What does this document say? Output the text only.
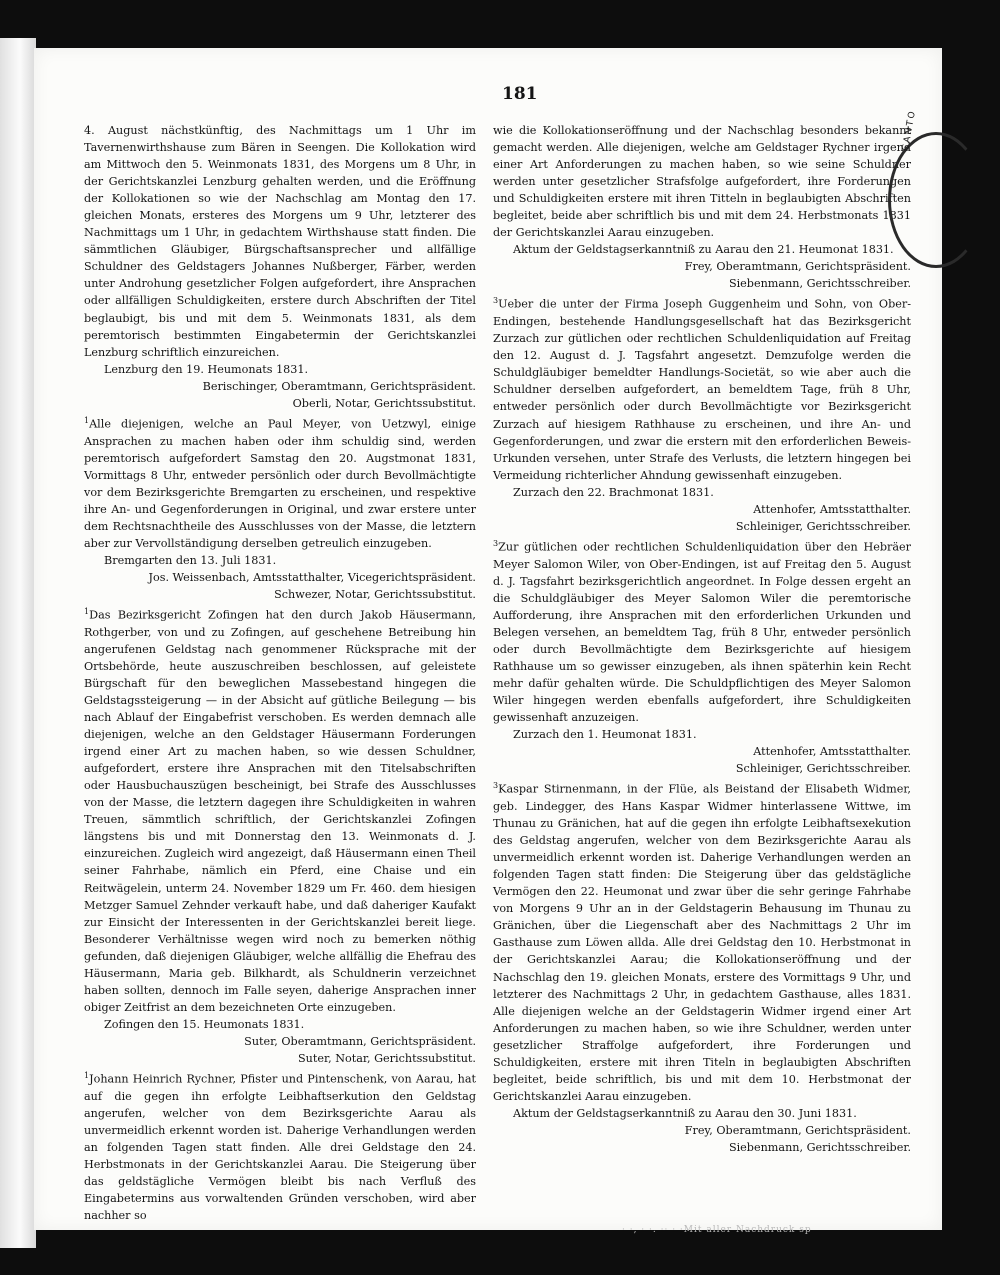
181

4. August nächstkünftig, des Nachmittags um 1 Uhr im Tavernenwirthshause zum Bären in Seengen. Die Kollokation wird am Mittwoch den 5. Weinmonats 1831, des Morgens um 8 Uhr, in der Gerichtskanzlei Lenzburg gehalten werden, und die Eröffnung der Kollokationen so wie der Nachschlag am Montag den 17. gleichen Monats, ersteres des Morgens um 9 Uhr, letzterer des Nachmittags um 1 Uhr, in gedachtem Wirthshause statt finden. Die sämmtlichen Gläubiger, Bürgschaftsansprecher und allfällige Schuldner des Geldstagers Johannes Nußberger, Färber, werden unter Androhung gesetzlicher Folgen aufgefordert, ihre Ansprachen oder allfälligen Schuldigkeiten, erstere durch Abschriften der Titel beglaubigt, bis und mit dem 5. Weinmonats 1831, als dem peremtorisch bestimmten Eingabetermin der Gerichtskanzlei Lenzburg schriftlich einzureichen.

Lenzburg den 19. Heumonats 1831.

Berischinger, Oberamtmann, Gerichtspräsident.

Oberli, Notar, Gerichtssubstitut.

$^1$Alle diejenigen, welche an Paul Meyer, von Uetzwyl, einige Ansprachen zu machen haben oder ihm schuldig sind, werden peremtorisch aufgefordert Samstag den 20. Augstmonat 1831, Vormittags 8 Uhr, entweder persönlich oder durch Bevollmächtigte vor dem Bezirksgerichte Bremgarten zu erscheinen, und respektive ihre An- und Gegenforderungen in Original, und zwar erstere unter dem Rechtsnachtheile des Ausschlusses von der Masse, die letztern aber zur Vervollständigung derselben getreulich einzugeben.

Bremgarten den 13. Juli 1831.

Jos. Weissenbach, Amtsstatthalter, Vicegerichtspräsident.

Schwezer, Notar, Gerichtssubstitut.

$^1$Das Bezirksgericht Zofingen hat den durch Jakob Häusermann, Rothgerber, von und zu Zofingen, auf geschehene Betreibung hin angerufenen Geldstag nach genommener Rücksprache mit der Ortsbehörde, heute auszuschreiben beschlossen, auf geleistete Bürgschaft für den beweglichen Massebestand hingegen die Geldstagssteigerung — in der Absicht auf gütliche Beilegung — bis nach Ablauf der Eingabefrist verschoben. Es werden demnach alle diejenigen, welche an den Geldstager Häusermann Forderungen irgend einer Art zu machen haben, so wie dessen Schuldner, aufgefordert, erstere ihre Ansprachen mit den Titelsabschriften oder Hausbuchauszügen bescheinigt, bei Strafe des Ausschlusses von der Masse, die letztern dagegen ihre Schuldigkeiten in wahren Treuen, sämmtlich schriftlich, der Gerichtskanzlei Zofingen längstens bis und mit Donnerstag den 13. Weinmonats d. J. einzureichen. Zugleich wird angezeigt, daß Häusermann einen Theil seiner Fahrhabe, nämlich ein Pferd, eine Chaise und ein Reitwägelein, unterm 24. November 1829 um Fr. 460. dem hiesigen Metzger Samuel Zehnder verkauft habe, und daß daheriger Kaufakt zur Einsicht der Interessenten in der Gerichtskanzlei bereit liege. Besonderer Verhältnisse wegen wird noch zu bemerken nöthig gefunden, daß diejenigen Gläubiger, welche allfällig die Ehefrau des Häusermann, Maria geb. Bilkhardt, als Schuldnerin verzeichnet haben sollten, dennoch im Falle seyen, daherige Ansprachen inner obiger Zeitfrist an dem bezeichneten Orte einzugeben.

Zofingen den 15. Heumonats 1831.

Suter, Oberamtmann, Gerichtspräsident.

Suter, Notar, Gerichtssubstitut.

$^1$Johann Heinrich Rychner, Pfister und Pintenschenk, von Aarau, hat auf die gegen ihn erfolgte Leibhaftserkution den Geldstag angerufen, welcher von dem Bezirksgerichte Aarau als unvermeidlich erkennt worden ist. Daherige Verhandlungen werden an folgenden Tagen statt finden. Alle drei Geldstage den 24. Herbstmonats in der Gerichtskanzlei Aarau. Die Steigerung über das geldstägliche Vermögen bleibt bis nach Verfluß des Eingabetermins aus vorwaltenden Gründen verschoben, wird aber nachher so

wie die Kollokationseröffnung und der Nachschlag besonders bekannt gemacht werden. Alle diejenigen, welche am Geldstager Rychner irgend einer Art Anforderungen zu machen haben, so wie seine Schuldner werden unter gesetzlicher Strafsfolge aufgefordert, ihre Forderungen und Schuldigkeiten erstere mit ihren Titteln in beglaubigten Abschriften begleitet, beide aber schriftlich bis und mit dem 24. Herbstmonats 1831 der Gerichtskanzlei Aarau einzugeben.

Aktum der Geldstagserkanntniß zu Aarau den 21. Heumonat 1831.

Frey, Oberamtmann, Gerichtspräsident.

Siebenmann, Gerichtsschreiber.

$^3$Ueber die unter der Firma Joseph Guggenheim und Sohn, von Ober-Endingen, bestehende Handlungsgesellschaft hat das Bezirksgericht Zurzach zur gütlichen oder rechtlichen Schuldenliquidation auf Freitag den 12. August d. J. Tagsfahrt angesetzt. Demzufolge werden die Schuldgläubiger bemeldter Handlungs-Societät, so wie aber auch die Schuldner derselben aufgefordert, an bemeldtem Tage, früh 8 Uhr, entweder persönlich oder durch Bevollmächtigte vor Bezirksgericht Zurzach auf hiesigem Rathhause zu erscheinen, und ihre An- und Gegenforderungen, und zwar die erstern mit den erforderlichen Beweis-Urkunden versehen, unter Strafe des Verlusts, die letztern hingegen bei Vermeidung richterlicher Ahndung gewissenhaft einzugeben.

Zurzach den 22. Brachmonat 1831.

Attenhofer, Amtsstatthalter.

Schleiniger, Gerichtsschreiber.

$^3$Zur gütlichen oder rechtlichen Schuldenliquidation über den Hebräer Meyer Salomon Wiler, von Ober-Endingen, ist auf Freitag den 5. August d. J. Tagsfahrt bezirksgerichtlich angeordnet. In Folge dessen ergeht an die Schuldgläubiger des Meyer Salomon Wiler die peremtorische Aufforderung, ihre Ansprachen mit den erforderlichen Urkunden und Belegen versehen, an bemeldtem Tag, früh 8 Uhr, entweder persönlich oder durch Bevollmächtigte dem Bezirksgerichte auf hiesigem Rathhause um so gewisser einzugeben, als ihnen späterhin kein Recht mehr dafür gehalten würde. Die Schuldpflichtigen des Meyer Salomon Wiler hingegen werden ebenfalls aufgefordert, ihre Schuldigkeiten gewissenhaft anzuzeigen.

Zurzach den 1. Heumonat 1831.

Attenhofer, Amtsstatthalter.

Schleiniger, Gerichtsschreiber.

$^3$Kaspar Stirnenmann, in der Flüe, als Beistand der Elisabeth Widmer, geb. Lindegger, des Hans Kaspar Widmer hinterlassene Wittwe, im Thunau zu Gränichen, hat auf die gegen ihn erfolgte Leibhaftsexekution des Geldstag angerufen, welcher von dem Bezirksgerichte Aarau als unvermeidlich erkennt worden ist. Daherige Verhandlungen werden an folgenden Tagen statt finden: Die Steigerung über das geldstägliche Vermögen den 22. Heumonat und zwar über die sehr geringe Fahrhabe von Morgens 9 Uhr an in der Geldstagerin Behausung im Thunau zu Gränichen, über die Liegenschaft aber des Nachmittags 2 Uhr im Gasthause zum Löwen allda. Alle drei Geldstag den 10. Herbstmonat in der Gerichtskanzlei Aarau; die Kollokationseröffnung und der Nachschlag den 19. gleichen Monats, erstere des Vormittags 9 Uhr, und letzterer des Nachmittags 2 Uhr, in gedachtem Gasthause, alles 1831. Alle diejenigen welche an der Geldstagerin Widmer irgend einer Art Anforderungen zu machen haben, so wie ihre Schuldner, werden unter gesetzlicher Straffolge aufgefordert, ihre Forderungen und Schuldigkeiten, erstere mit ihren Titeln in beglaubigten Abschriften begleitet, beide schriftlich, bis und mit dem 10. Herbstmonat der Gerichtskanzlei Aarau einzugeben.

Aktum der Geldstagserkanntniß zu Aarau den 30. Juni 1831.

Frey, Oberamtmann, Gerichtspräsident.

Siebenmann, Gerichtsschreiber.

· ·, · ·. ·· · ·Mit aller Nachdruck sp
CANTO
